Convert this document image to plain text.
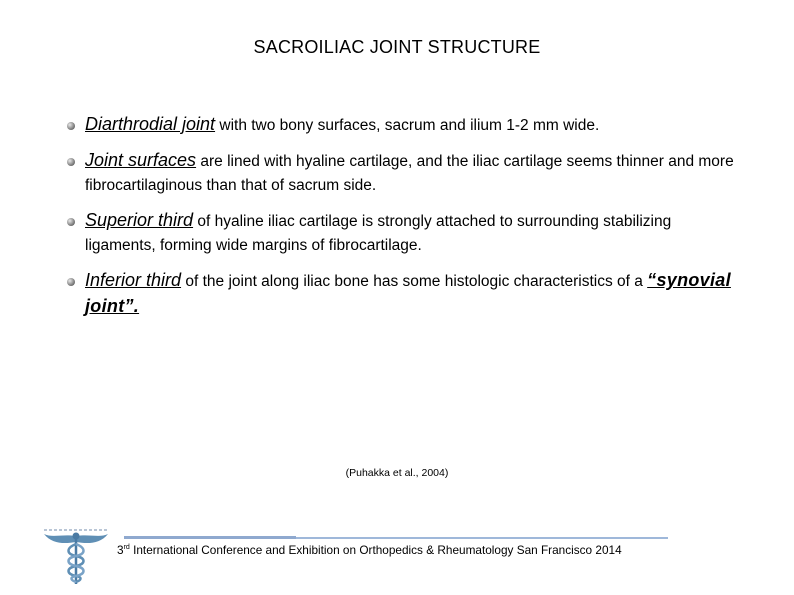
SACROILIAC JOINT STRUCTURE
Diarthrodial joint with two bony surfaces, sacrum and ilium 1-2 mm wide.
Joint surfaces are lined with hyaline cartilage, and the iliac cartilage seems thinner and more fibrocartilaginous than that of sacrum side.
Superior third of hyaline iliac cartilage is strongly attached to surrounding stabilizing ligaments, forming wide margins of fibrocartilage.
Inferior third of the joint along iliac bone has some histologic characteristics of a “synovial joint”.
(Puhakka et al., 2004)
3rd International Conference and Exhibition on Orthopedics & Rheumatology San Francisco 2014
